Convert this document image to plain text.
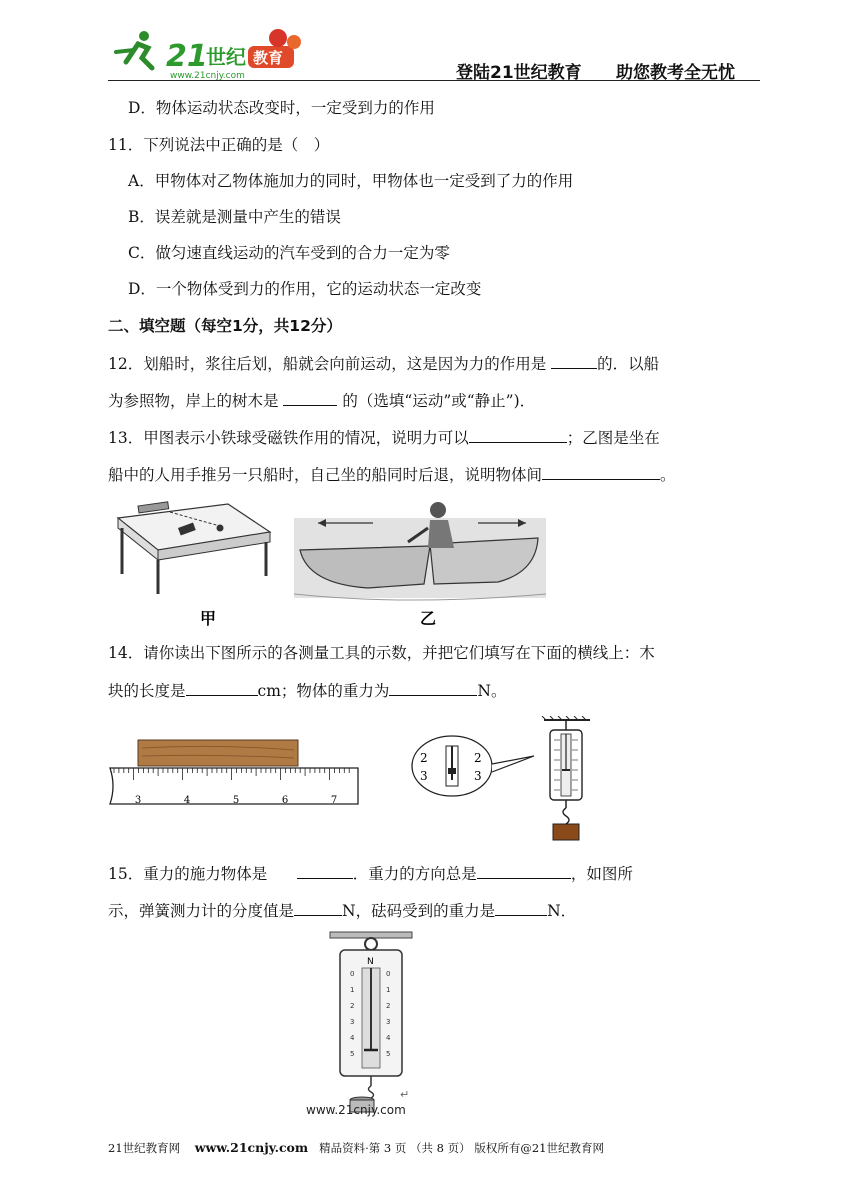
21
世纪 教育
www.21cnjy.com	登陆21世纪教育 助您教考全无忧
D．物体运动状态改变时，一定受到力的作用
11．下列说法中正确的是（　）
A．甲物体对乙物体施加力的同时，甲物体也一定受到了力的作用
B．误差就是测量中产生的错误
C．做匀速直线运动的汽车受到的合力一定为零
D．一个物体受到力的作用，它的运动状态一定改变
二、填空题（每空1分，共12分）
12．划船时，浆往后划，船就会向前运动，这是因为力的作用是	的．以船
为参照物，岸上的树木是	的（选填“运动”或“静止”)．
13．甲图表示小铁球受磁铁作用的情况，说明力可以	；乙图是坐在
船中的人用手推另一只船时，自己坐的船同时后退，说明物体间	。
甲	乙
14．请你读出下图所示的各测量工具的示数，并把它们填写在下面的横线上：木
块的长度是	cm；物体的重力为	N。
3	4	5	6	7
2
3
2
3
15．重力的施力物体是	．重力的方向总是	，如图所
示，弹簧测力计的分度值是	N，砝码受到的重力是	N．
N
0
1
2
3
4
5
0
1
2
3
4
5
↵
www.21cnjy.com
21世纪教育网 www.21cnjy.com 精品资料·第 3 页 （共 8 页） 版权所有@21世纪教育网
